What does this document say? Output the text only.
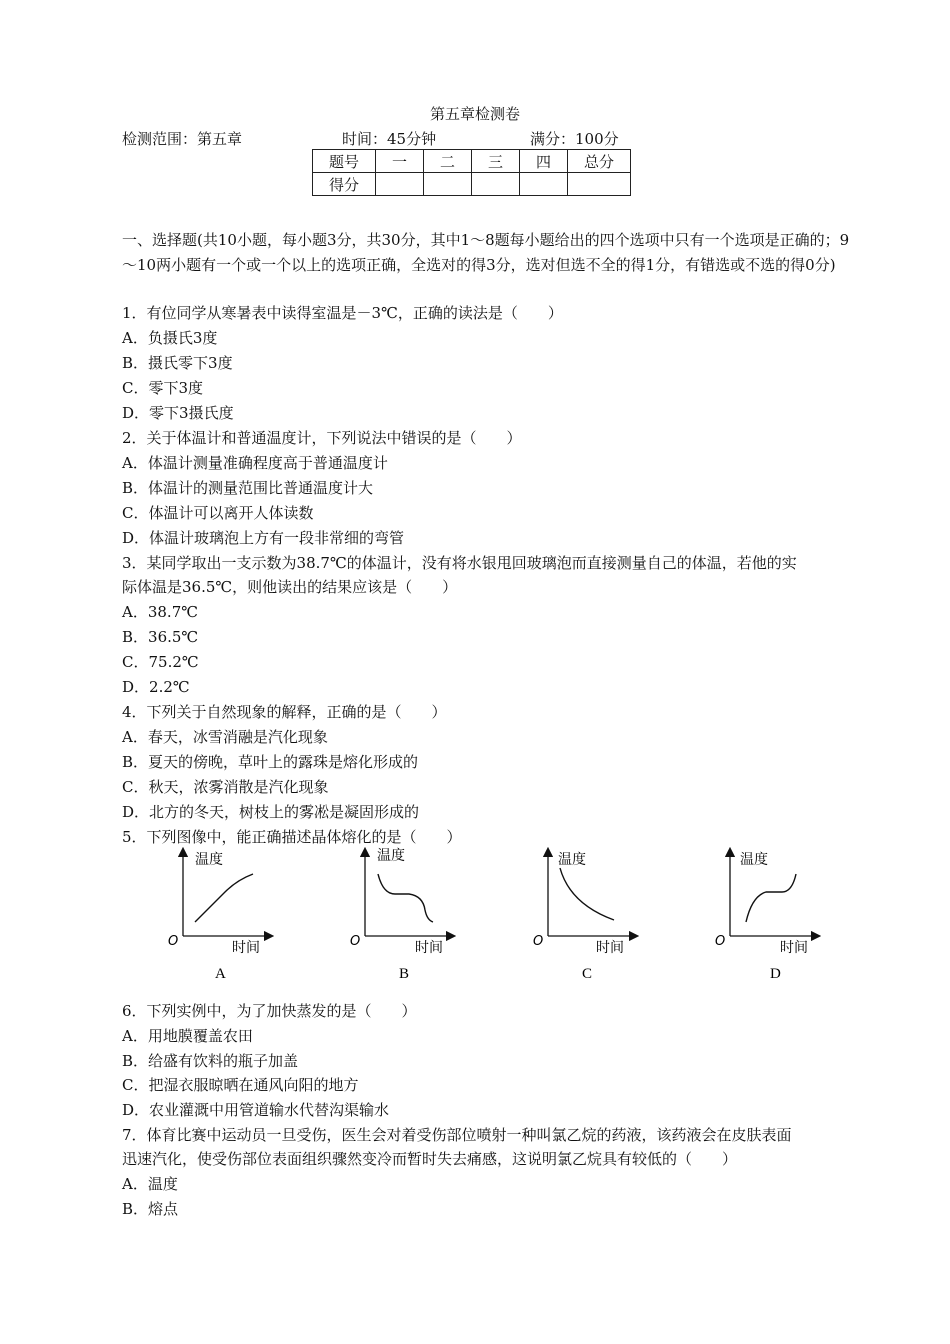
第五章检测卷
检测范围：第五章	时间：45分钟	满分：100分
题号	一	二	三	四	总分
得分					
一、选择题(共10小题，每小题3分，共30分，其中1～8题每小题给出的四个选项中只有一个选项是正确的；9～10两小题有一个或一个以上的选项正确，全选对的得3分，选对但选不全的得1分，有错选或不选的得0分)
1．有位同学从寒暑表中读得室温是－3℃，正确的读法是（　　）
A．负摄氏3度
B．摄氏零下3度
C．零下3度
D．零下3摄氏度
2．关于体温计和普通温度计，下列说法中错误的是（　　）
A．体温计测量准确程度高于普通温度计
B．体温计的测量范围比普通温度计大
C．体温计可以离开人体读数
D．体温计玻璃泡上方有一段非常细的弯管
3．某同学取出一支示数为38.7℃的体温计，没有将水银甩回玻璃泡而直接测量自己的体温，若他的实
际体温是36.5℃，则他读出的结果应该是（　　）
A．38.7℃
B．36.5℃
C．75.2℃
D．2.2℃
4．下列关于自然现象的解释，正确的是（　　）
A．春天，冰雪消融是汽化现象
B．夏天的傍晚，草叶上的露珠是熔化形成的
C．秋天，浓雾消散是汽化现象
D．北方的冬天，树枝上的雾凇是凝固形成的
5．下列图像中，能正确描述晶体熔化的是（　　）
O
温度
时间
A
O
温度
时间
B
O
温度
时间
C
O
温度
时间
D
6．下列实例中，为了加快蒸发的是（　　）
A．用地膜覆盖农田
B．给盛有饮料的瓶子加盖
C．把湿衣服晾晒在通风向阳的地方
D．农业灌溉中用管道输水代替沟渠输水
7．体育比赛中运动员一旦受伤，医生会对着受伤部位喷射一种叫氯乙烷的药液，该药液会在皮肤表面
迅速汽化，使受伤部位表面组织骤然变冷而暂时失去痛感，这说明氯乙烷具有较低的（　　）
A．温度
B．熔点
